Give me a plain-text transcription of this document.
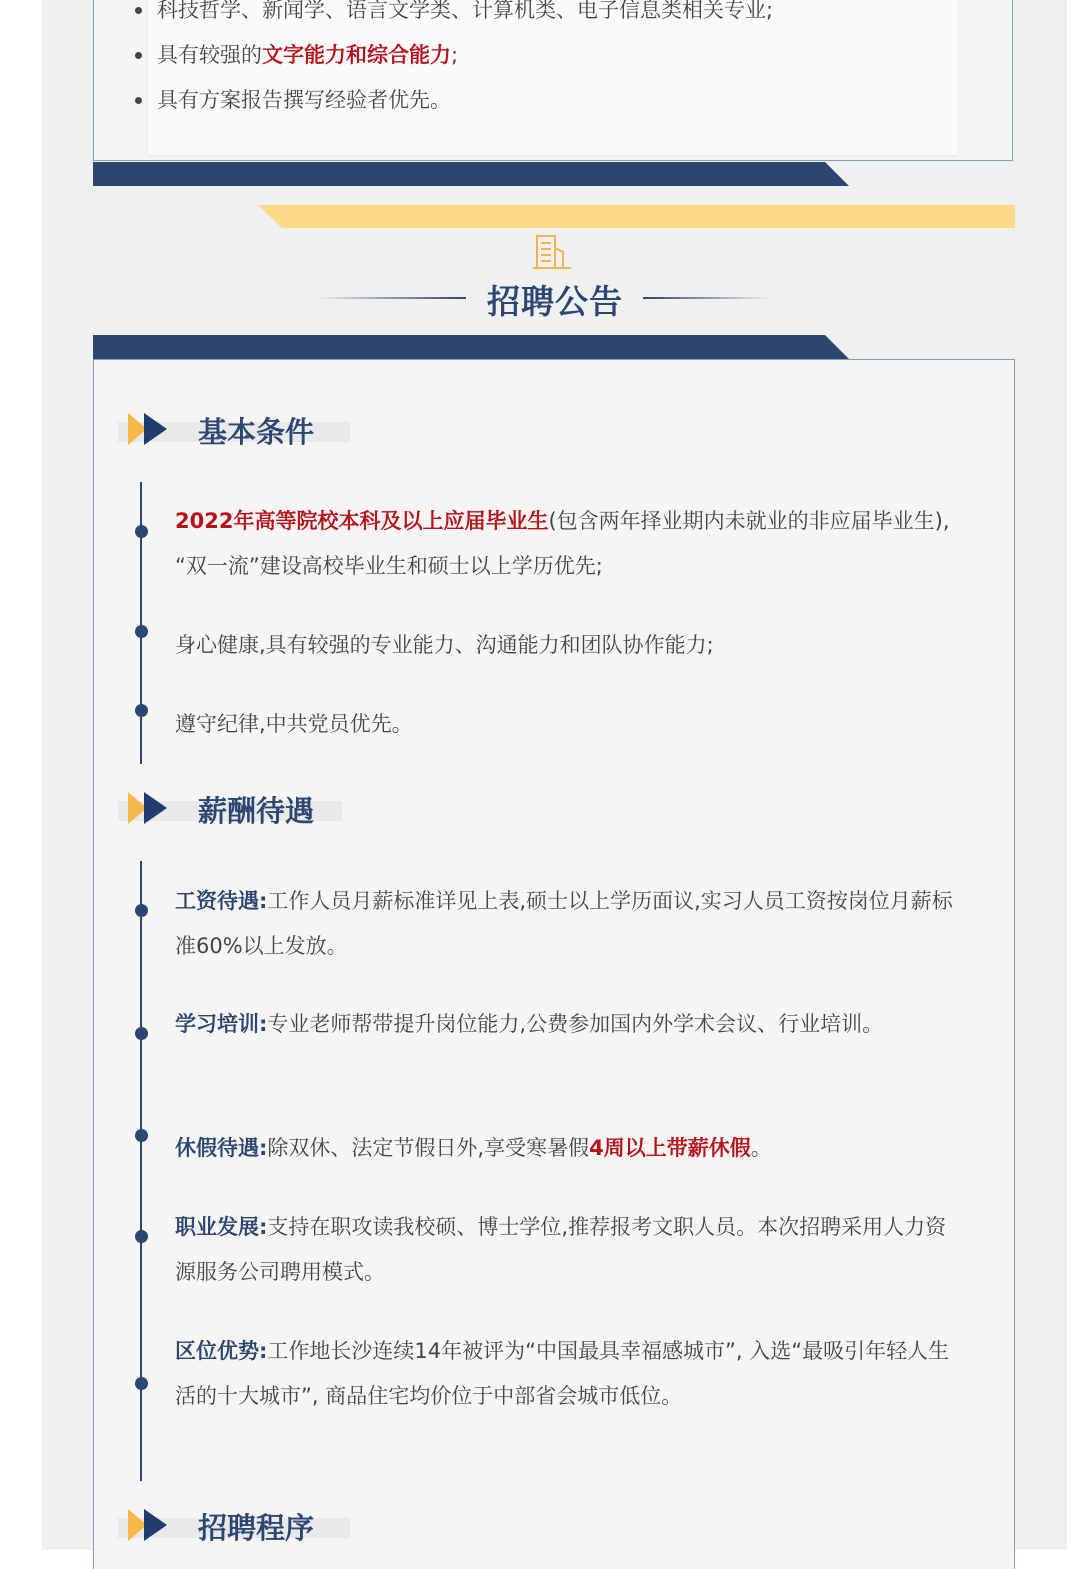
科技哲学、新闻学、语言文学类、计算机类、电子信息类相关专业;
具有较强的文字能力和综合能力;
具有方案报告撰写经验者优先。
招聘公告
基本条件
2022年高等院校本科及以上应届毕业生(包含两年择业期内未就业的非应届毕业生), “双一流”建设高校毕业生和硕士以上学历优先;
身心健康,具有较强的专业能力、沟通能力和团队协作能力;
遵守纪律,中共党员优先。
薪酬待遇
工资待遇:工作人员月薪标准详见上表,硕士以上学历面议,实习人员工资按岗位月薪标准60%以上发放。
学习培训:专业老师帮带提升岗位能力,公费参加国内外学术会议、行业培训。
休假待遇:除双休、法定节假日外,享受寒暑假4周以上带薪休假。
职业发展:支持在职攻读我校硕、博士学位,推荐报考文职人员。本次招聘采用人力资源服务公司聘用模式。
区位优势:工作地长沙连续14年被评为“中国最具幸福感城市”, 入选“最吸引年轻人生活的十大城市”, 商品住宅均价位于中部省会城市低位。
招聘程序
